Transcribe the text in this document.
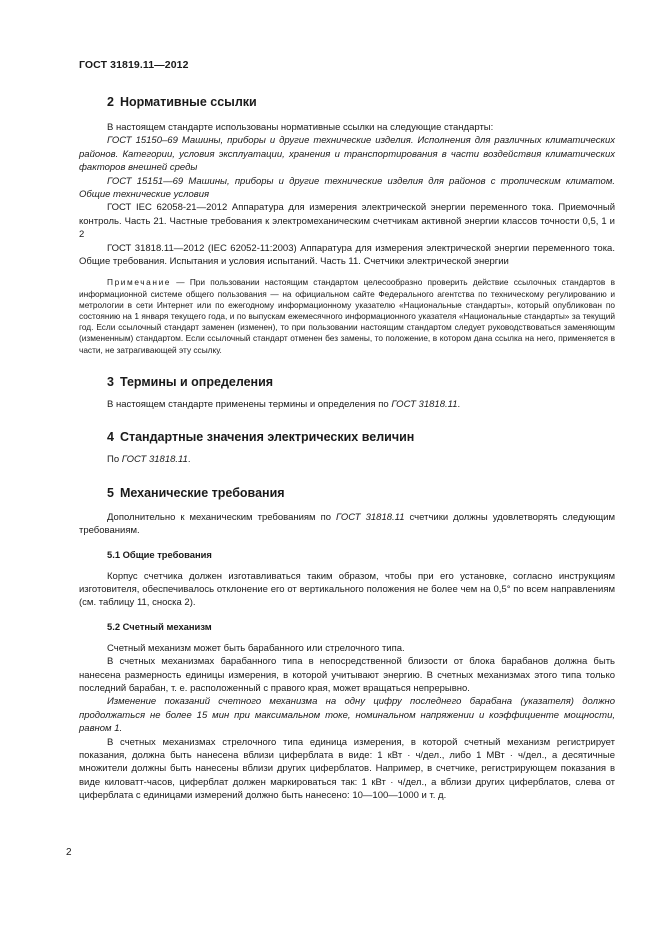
ГОСТ 31819.11—2012
2 Нормативные ссылки

В настоящем стандарте использованы нормативные ссылки на следующие стандарты:

ГОСТ 15150–69 Машины, приборы и другие технические изделия. Исполнения для различных климатических районов. Категории, условия эксплуатации, хранения и транспортирования в части воздействия климатических факторов внешней среды

ГОСТ 15151—69 Машины, приборы и другие технические изделия для районов с тропическим климатом. Общие технические условия

ГОСТ IEC 62058-21—2012 Аппаратура для измерения электрической энергии переменного тока. Приемочный контроль. Часть 21. Частные требования к электромеханическим счетчикам активной энергии классов точности 0,5, 1 и 2

ГОСТ 31818.11—2012 (IEC 62052-11:2003) Аппаратура для измерения электрической энергии переменного тока. Общие требования. Испытания и условия испытаний. Часть 11. Счетчики электрической энергии

Примечание — При пользовании настоящим стандартом целесообразно проверить действие ссылочных стандартов в информационной системе общего пользования — на официальном сайте Федерального агентства по техническому регулированию и метрологии в сети Интернет или по ежегодному информационному указателю «Национальные стандарты», который опубликован по состоянию на 1 января текущего года, и по выпускам ежемесячного информационного указателя «Национальные стандарты» за текущий год. Если ссылочный стандарт заменен (изменен), то при пользовании настоящим стандартом следует руководствоваться заменяющим (измененным) стандартом. Если ссылочный стандарт отменен без замены, то положение, в котором дана ссылка на него, применяется в части, не затрагивающей эту ссылку.

3 Термины и определения

В настоящем стандарте применены термины и определения по ГОСТ 31818.11.

4 Стандартные значения электрических величин

По ГОСТ 31818.11.

5 Механические требования

Дополнительно к механическим требованиям по ГОСТ 31818.11 счетчики должны удовлетворять следующим требованиям.

5.1 Общие требования

Корпус счетчика должен изготавливаться таким образом, чтобы при его установке, согласно инструкциям изготовителя, обеспечивалось отклонение его от вертикального положения не более чем на 0,5° по всем направлениям (см. таблицу 11, сноска 2).

5.2 Счетный механизм

Счетный механизм может быть барабанного или стрелочного типа.

В счетных механизмах барабанного типа в непосредственной близости от блока барабанов должна быть нанесена размерность единицы измерения, в которой учитывают энергию. В счетных механизмах этого типа только последний барабан, т. е. расположенный с правого края, может вращаться непрерывно.

Изменение показаний счетного механизма на одну цифру последнего барабана (указателя) должно продолжаться не более 15 мин при максимальном токе, номинальном напряжении и коэффициенте мощности, равном 1.

В счетных механизмах стрелочного типа единица измерения, в которой счетный механизм регистрирует показания, должна быть нанесена вблизи циферблата в виде: 1 кВт · ч/дел., либо 1 МВт · ч/дел., а десятичные множители должны быть нанесены вблизи других циферблатов. Например, в счетчике, регистрирующем показания в виде киловатт-часов, циферблат должен маркироваться так: 1 кВт · ч/дел., а вблизи других циферблатов, слева от циферблата с единицами измерений должно быть нанесено: 10—100—1000 и т. д.

2
